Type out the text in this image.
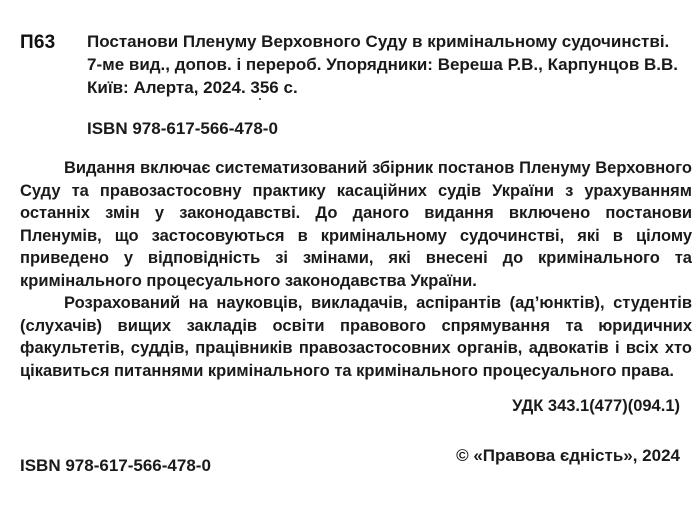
П63 Постанови Пленуму Верховного Суду в кримінальному судочинстві.
7-ме вид., допов. і перероб. Упорядники: Вереша Р.В., Карпунцов В.В.
Київ: Алерта, 2024. 356 с.
ISBN 978-617-566-478-0

Видання включає систематизований збірник постанов Пленуму Верховного Суду та правозастосовну практику касаційних судів України з урахуванням останніх змін у законодавстві. До даного видання включено постанови Пленумів, що застосовуються в кримінальному судочинстві, які в цілому приведено у відповідність зі змінами, які внесені до кримінального та кримінального процесуального законодавства України.

Розрахований на науковців, викладачів, аспірантів (ад’юнктів), студентів (слухачів) вищих закладів освіти правового спрямування та юридичних факультетів, суддів, працівників правозастосовних органів, адвокатів і всіх хто цікавиться питаннями кримінального та кримінального процесуального права.

УДК 343.1(477)(094.1)
ISBN 978-617-566-478-0
© «Правова єдність», 2024
